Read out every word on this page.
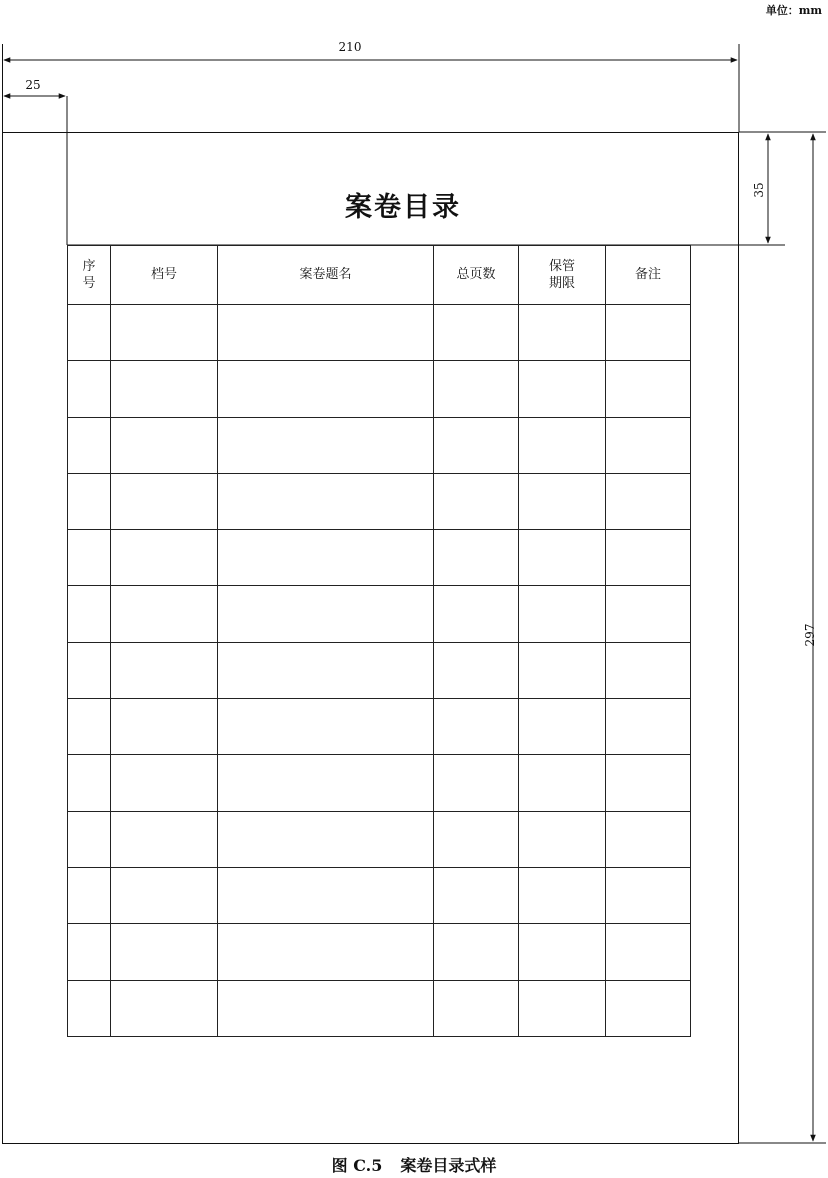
单位：mm
210
25
35
297
案卷目录
序号	档号	案卷题名	总页数	保管期限	备注

图 C.5 案卷目录式样
